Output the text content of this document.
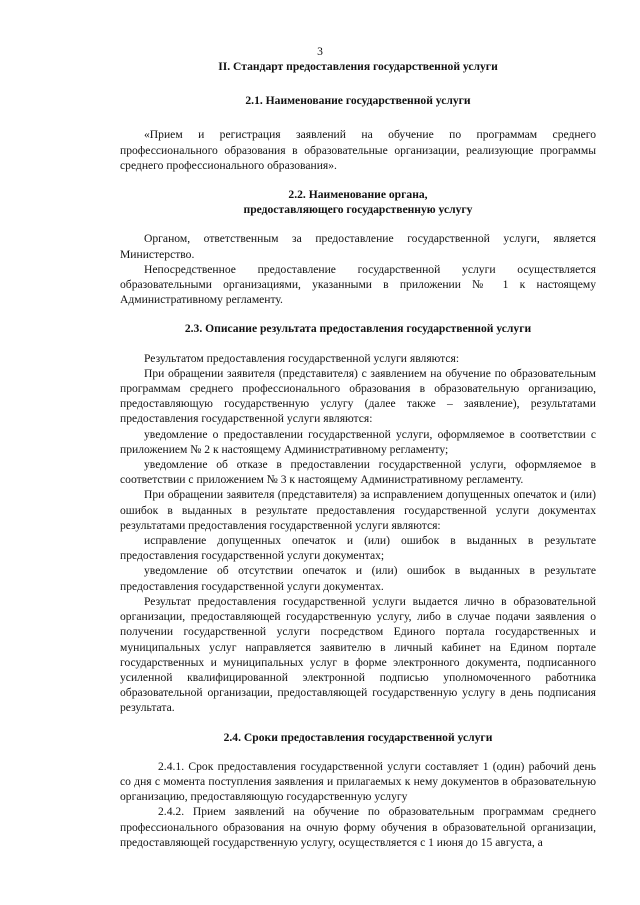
3

II. Стандарт предоставления государственной услуги

2.1. Наименование государственной услуги

«Прием и регистрация заявлений на обучение по программам среднего профессионального образования в образовательные организации, реализующие программы среднего профессионального образования».

2.2. Наименование органа,

предоставляющего государственную услугу

Органом, ответственным за предоставление государственной услуги, является Министерство.

Непосредственное предоставление государственной услуги осуществляется образовательными организациями, указанными в приложении № 1 к настоящему Административному регламенту.

2.3. Описание результата предоставления государственной услуги

Результатом предоставления государственной услуги являются:

При обращении заявителя (представителя) с заявлением на обучение по образовательным программам среднего профессионального образования в образовательную организацию, предоставляющую государственную услугу (далее также – заявление), результатами предоставления государственной услуги являются:

уведомление о предоставлении государственной услуги, оформляемое в соответствии с приложением № 2 к настоящему Административному регламенту;

уведомление об отказе в предоставлении государственной услуги, оформляемое в соответствии с приложением № 3 к настоящему Административному регламенту.

При обращении заявителя (представителя) за исправлением допущенных опечаток и (или) ошибок в выданных в результате предоставления государственной услуги документах результатами предоставления государственной услуги являются:

исправление допущенных опечаток и (или) ошибок в выданных в результате предоставления государственной услуги документах;

уведомление об отсутствии опечаток и (или) ошибок в выданных в результате предоставления государственной услуги документах.

Результат предоставления государственной услуги выдается лично в образовательной организации, предоставляющей государственную услугу, либо в случае подачи заявления о получении государственной услуги посредством Единого портала государственных и муниципальных услуг направляется заявителю в личный кабинет на Едином портале государственных и муниципальных услуг в форме электронного документа, подписанного усиленной квалифицированной электронной подписью уполномоченного работника образовательной организации, предоставляющей государственную услугу в день подписания результата.

2.4. Сроки предоставления государственной услуги

2.4.1. Срок предоставления государственной услуги составляет 1 (один) рабочий день со дня с момента поступления заявления и прилагаемых к нему документов в образовательную организацию, предоставляющую государственную услугу

2.4.2. Прием заявлений на обучение по образовательным программам среднего профессионального образования на очную форму обучения в образовательной организации, предоставляющей государственную услугу, осуществляется с 1 июня до 15 августа, а
